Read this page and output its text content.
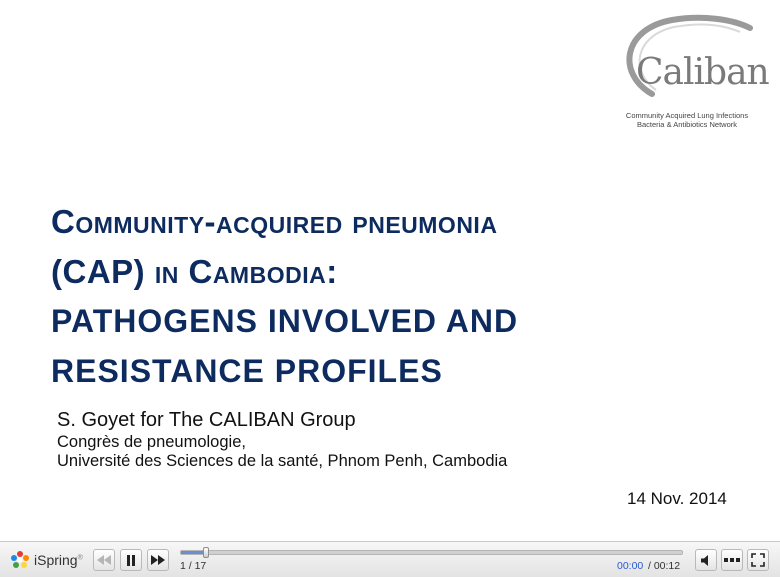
Caliban
Community Acquired Lung Infections
Bacteria & Antibiotics Network
Community-acquired pneumonia
(CAP) in Cambodia:
PATHOGENS INVOLVED AND
RESISTANCE PROFILES
S. Goyet for The CALIBAN Group
Congrès de pneumologie,
Université des Sciences de la santé, Phnom Penh, Cambodia
14 Nov. 2014
iSpring®
1 / 17	00:00 / 00:12
